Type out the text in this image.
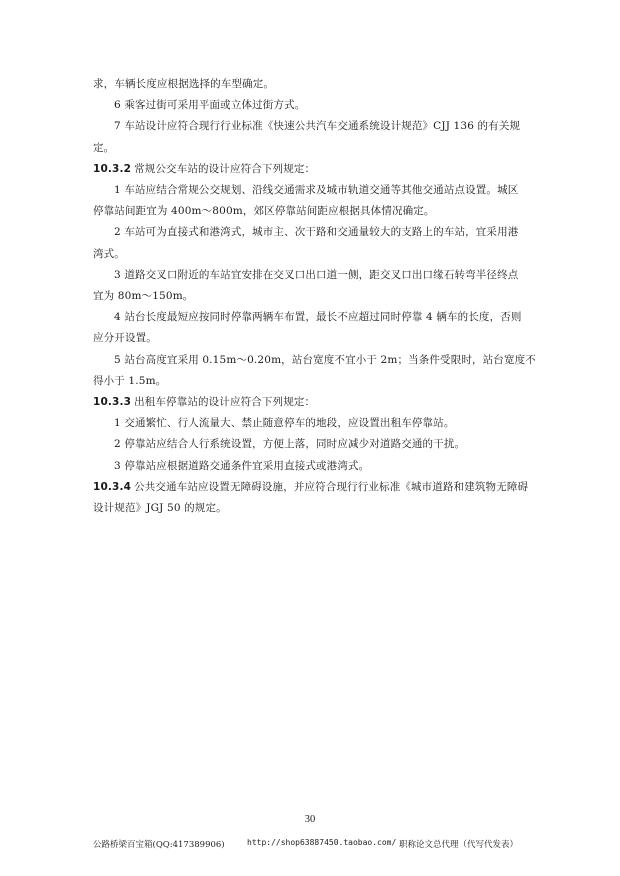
求，车辆长度应根据选择的车型确定。
6 乘客过街可采用平面或立体过街方式。
7 车站设计应符合现行行业标准《快速公共汽车交通系统设计规范》CJJ 136 的有关规
定。
10.3.2 常规公交车站的设计应符合下列规定：
1 车站应结合常规公交规划、沿线交通需求及城市轨道交通等其他交通站点设置。城区
停靠站间距宜为 400m～800m，郊区停靠站间距应根据具体情况确定。
2 车站可为直接式和港湾式，城市主、次干路和交通量较大的支路上的车站，宜采用港
湾式。
3 道路交叉口附近的车站宜安排在交叉口出口道一侧，距交叉口出口缘石转弯半径终点
宜为 80m～150m。
4 站台长度最短应按同时停靠两辆车布置，最长不应超过同时停靠 4 辆车的长度，否则
应分开设置。
5 站台高度宜采用 0.15m～0.20m，站台宽度不宜小于 2m；当条件受限时，站台宽度不
得小于 1.5m。
10.3.3 出租车停靠站的设计应符合下列规定：
1 交通繁忙、行人流量大、禁止随意停车的地段，应设置出租车停靠站。
2 停靠站应结合人行系统设置，方便上落，同时应减少对道路交通的干扰。
3 停靠站应根据道路交通条件宜采用直接式或港湾式。
10.3.4 公共交通车站应设置无障碍设施，并应符合现行行业标准《城市道路和建筑物无障碍
设计规范》JGJ 50 的规定。
30
公路桥梁百宝箱(QQ:417389906)	http://shop63887450.taobao.com/ 职称论文总代理（代写代发表）
